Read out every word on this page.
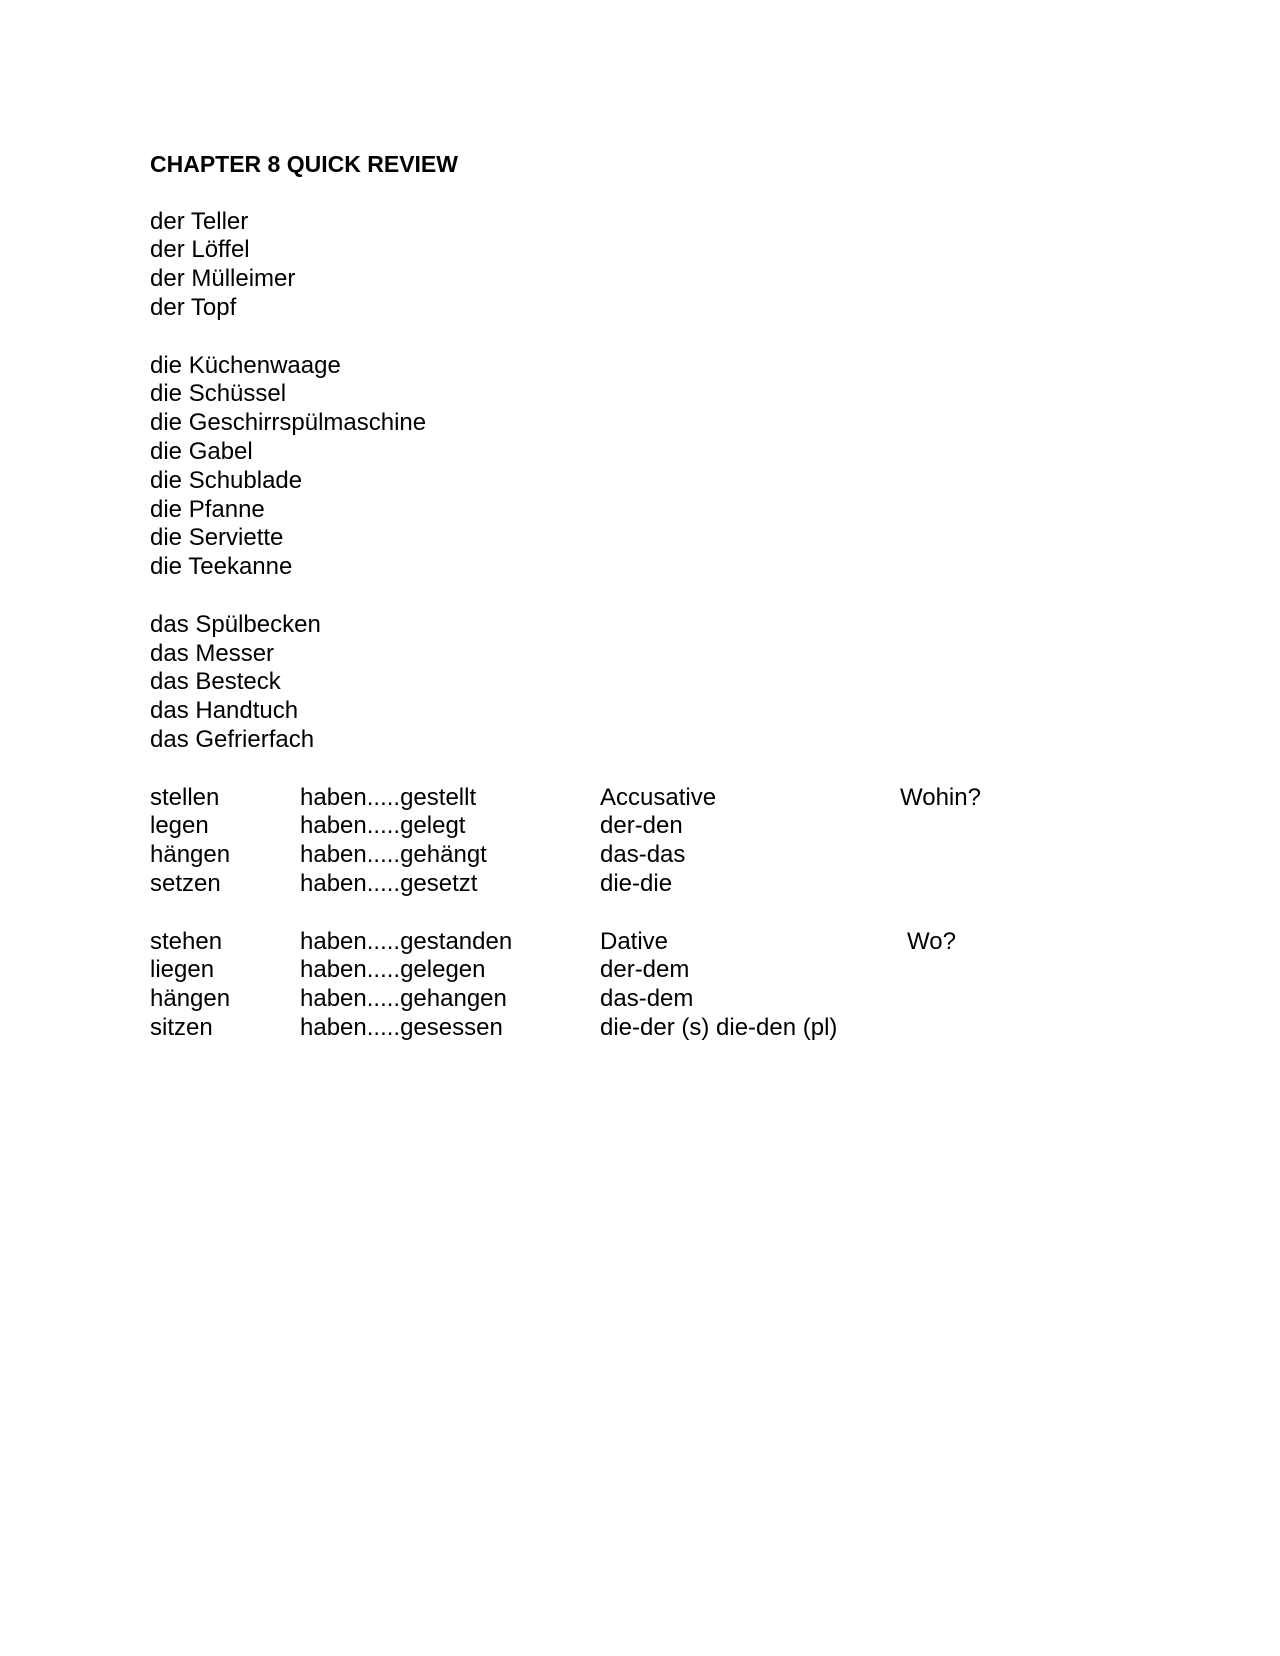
CHAPTER 8 QUICK REVIEW
der Teller
der Löffel
der Mülleimer
der Topf
die Küchenwaage
die Schüssel
die Geschirrspülmaschine
die Gabel
die Schublade
die Pfanne
die Serviette
die Teekanne
das Spülbecken
das Messer
das Besteck
das Handtuch
das Gefrierfach
stellen	haben.....gestellt	Accusative	Wohin?
legen	haben.....gelegt	der-den	
hängen	haben.....gehängt	das-das	
setzen	haben.....gesetzt	die-die	
stehen	haben.....gestanden	Dative	Wo?
liegen	haben.....gelegen	der-dem	
hängen	haben.....gehangen	das-dem	
sitzen	haben.....gesessen	die-der (s) die-den (pl)	
